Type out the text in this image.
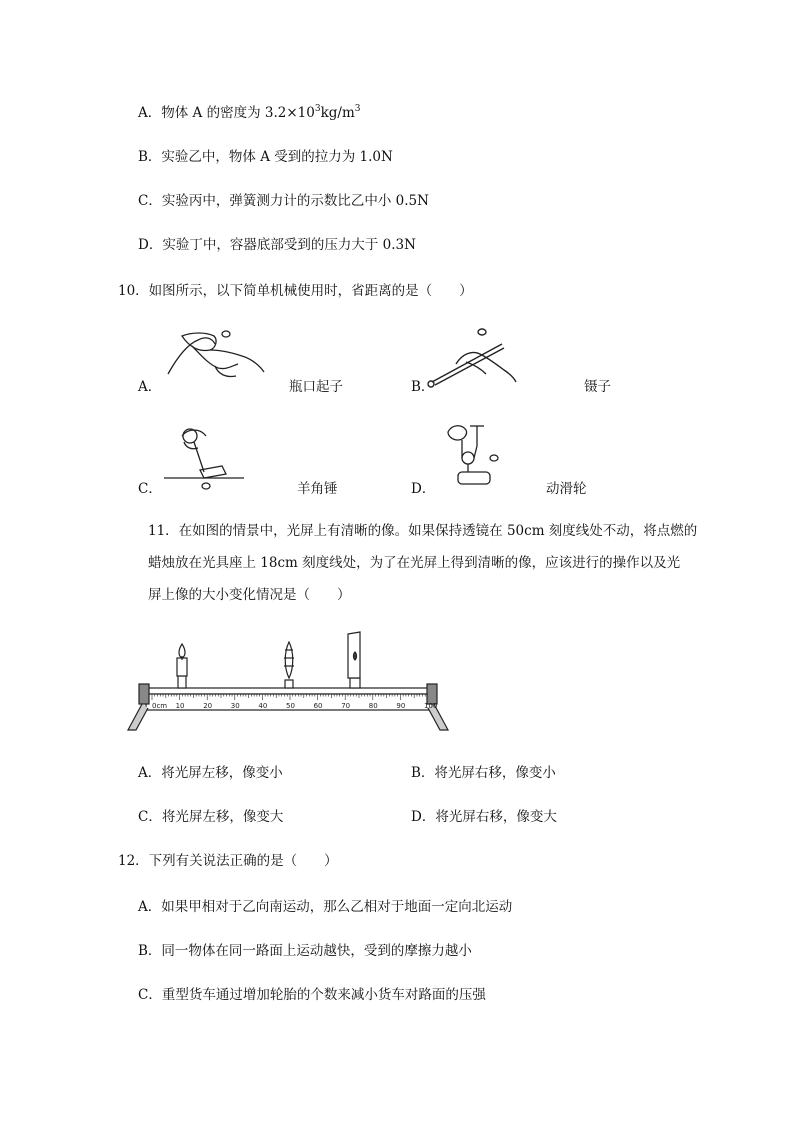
A．物体 A 的密度为 $3.2\times 10^3kg/m^3$
B．实验乙中，物体 A 受到的拉力为 1.0N
C．实验丙中，弹簧测力计的示数比乙中小 0.5N
D．实验丁中，容器底部受到的压力大于 0.3N
10．如图所示，以下简单机械使用时，省距离的是（　　）
A．	瓶口起子	B．	镊子
C．	羊角锤	D．	动滑轮
11．在如图的情景中，光屏上有清晰的像。如果保持透镜在 50cm 刻度线处不动，将点燃的
蜡烛放在光具座上 18cm 刻度线处，为了在光屏上得到清晰的像，应该进行的操作以及光
屏上像的大小变化情况是（　　）
0cm 10	20	30	40	50	60	70	80	90	100
A．将光屏左移，像变小	B．将光屏右移，像变小
C．将光屏左移，像变大	D．将光屏右移，像变大
12．下列有关说法正确的是（　　）
A．如果甲相对于乙向南运动，那么乙相对于地面一定向北运动
B．同一物体在同一路面上运动越快，受到的摩擦力越小
C．重型货车通过增加轮胎的个数来减小货车对路面的压强
